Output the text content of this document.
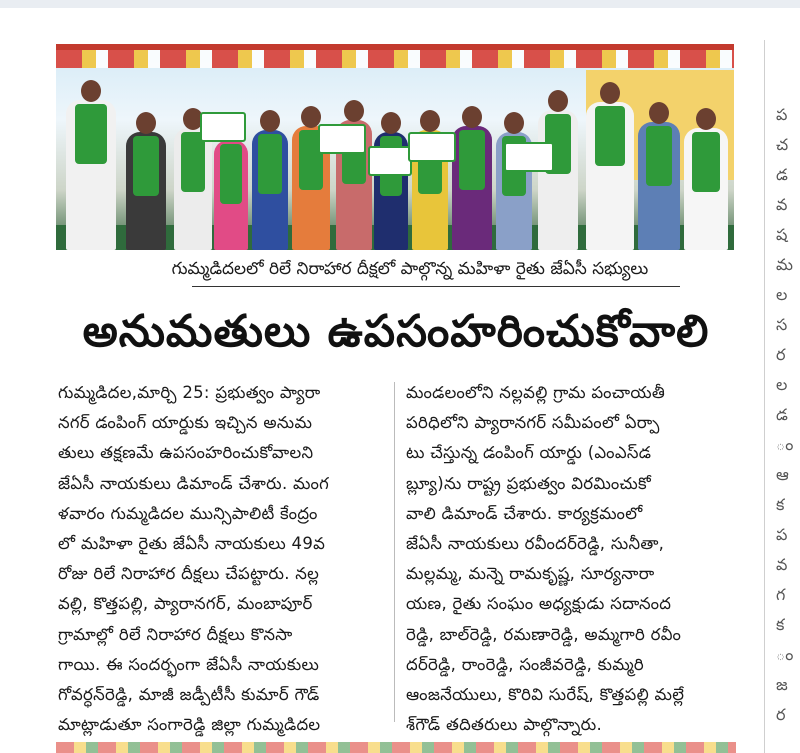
గుమ్మడిదలలో రిలే నిరాహార దీక్షలో పాల్గొన్న మహిళా రైతు జేఏసీ సభ్యులు
అనుమతులు ఉపసంహరించుకోవాలి
గుమ్మడిదల,మార్చి 25: ప్రభుత్వం ప్యారా
నగర్ డంపింగ్ యార్డుకు ఇచ్చిన అనుమ
తులు తక్షణమే ఉపసంహరించుకోవాలని
జేఏసీ నాయకులు డిమాండ్ చేశారు. మంగ
ళవారం గుమ్మడిదల మున్సిపాలిటీ కేంద్రం
లో మహిళా రైతు జేఏసీ నాయకులు 49వ
రోజు రిలే నిరాహార దీక్షలు చేపట్టారు. నల్ల
వల్లి, కొత్తపల్లి, ప్యారానగర్, మంబాపూర్
గ్రామాల్లో రిలే నిరాహార దీక్షలు కొనసా
గాయి. ఈ సందర్భంగా జేఏసీ నాయకులు
గోవర్ధన్‌రెడ్డి, మాజీ జడ్పీటీసీ కుమార్ గౌడ్
మాట్లాడుతూ సంగారెడ్డి జిల్లా గుమ్మడిదల
మండలంలోని నల్లవల్లి గ్రామ పంచాయతీ
పరిధిలోని ప్యారానగర్ సమీపంలో ఏర్పా
టు చేస్తున్న డంపింగ్ యార్డు (ఎంఎస్‌డ
బ్ల్యూ)ను రాష్ట్ర ప్రభుత్వం విరమించుకో
వాలి డిమాండ్ చేశారు. కార్యక్రమంలో
జేఏసీ నాయకులు రవీందర్‌రెడ్డి, సునీతా,
మల్లమ్మ, మన్నె రామకృష్ణ, సూర్యనారా
యణ, రైతు సంఘం అధ్యక్షుడు సదానంద
రెడ్డి, బాల్‌రెడ్డి, రమణారెడ్డి, అమ్మగారి రవీం
దర్‌రెడ్డి, రాంరెడ్డి, సంజీవరెడ్డి, కుమ్మరి
ఆంజనేయులు, కొరివి సురేష్, కొత్తపల్లి మల్లే
శ్‌గౌడ్ తదితరులు పాల్గొన్నారు.
ప
చ
డ
వ
ష
మ
ల
స
ర
ల
డ
ం
ఆ
క
ప
వ
గ
క
ం
జ
ర
